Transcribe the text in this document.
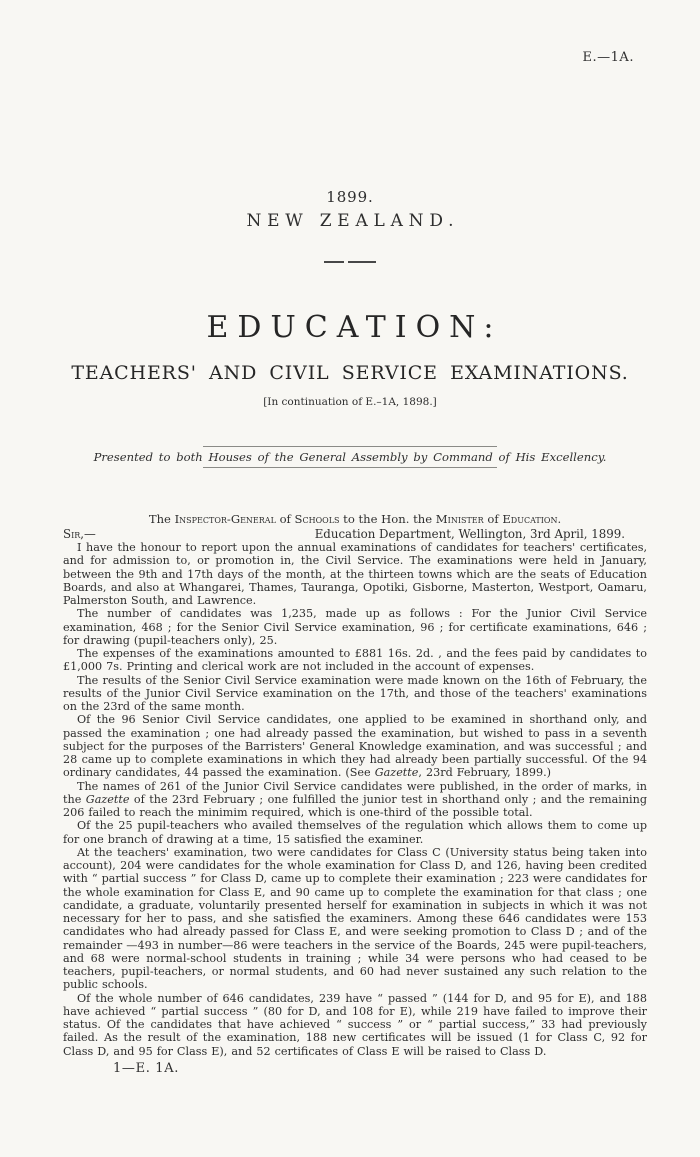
E.—1A.
1899.
NEW ZEALAND.
EDUCATION:
TEACHERS' AND CIVIL SERVICE EXAMINATIONS.
[In continuation of E.–1A, 1898.]
Presented to both Houses of the General Assembly by Command of His Excellency.
The Inspector-General of Schools to the Hon. the Minister of Education.
Sir,—	Education Department, Wellington, 3rd April, 1899.

I have the honour to report upon the annual examinations of candidates for teachers' certificates, and for admission to, or promotion in, the Civil Service. The examinations were held in January, between the 9th and 17th days of the month, at the thirteen towns which are the seats of Education Boards, and also at Whangarei, Thames, Tauranga, Opotiki, Gisborne, Masterton, Westport, Oamaru, Palmerston South, and Lawrence.

The number of candidates was 1,235, made up as follows : For the Junior Civil Service examination, 468 ; for the Senior Civil Service examination, 96 ; for certificate examinations, 646 ; for drawing (pupil-teachers only), 25.

The expenses of the examinations amounted to £881 16s. 2d. , and the fees paid by candidates to £1,000 7s. Printing and clerical work are not included in the account of expenses.

The results of the Senior Civil Service examination were made known on the 16th of February, the results of the Junior Civil Service examination on the 17th, and those of the teachers' examinations on the 23rd of the same month.

Of the 96 Senior Civil Service candidates, one applied to be examined in shorthand only, and passed the examination ; one had already passed the examination, but wished to pass in a seventh subject for the purposes of the Barristers' General Knowledge examination, and was successful ; and 28 came up to complete examinations in which they had already been partially successful. Of the 94 ordinary candidates, 44 passed the examination. (See Gazette, 23rd February, 1899.)

The names of 261 of the Junior Civil Service candidates were published, in the order of marks, in the Gazette of the 23rd February ; one fulfilled the junior test in shorthand only ; and the remaining 206 failed to reach the minimim required, which is one-third of the possible total.

Of the 25 pupil-teachers who availed themselves of the regulation which allows them to come up for one branch of drawing at a time, 15 satisfied the examiner.

At the teachers' examination, two were candidates for Class C (University status being taken into account), 204 were candidates for the whole examination for Class D, and 126, having been credited with “ partial success ” for Class D, came up to complete their examination ; 223 were candidates for the whole examination for Class E, and 90 came up to complete the examination for that class ; one candidate, a graduate, voluntarily presented herself for examination in subjects in which it was not necessary for her to pass, and she satisfied the examiners. Among these 646 candidates were 153 candidates who had already passed for Class E, and were seeking promotion to Class D ; and of the remainder —493 in number—86 were teachers in the service of the Boards, 245 were pupil-teachers, and 68 were normal-school students in training ; while 34 were persons who had ceased to be teachers, pupil-teachers, or normal students, and 60 had never sustained any such relation to the public schools.

Of the whole number of 646 candidates, 239 have “ passed ” (144 for D, and 95 for E), and 188 have achieved “ partial success ” (80 for D, and 108 for E), while 219 have failed to improve their status. Of the candidates that have achieved “ success ” or “ partial success,” 33 had previously failed. As the result of the examination, 188 new certificates will be issued (1 for Class C, 92 for Class D, and 95 for Class E), and 52 certificates of Class E will be raised to Class D.

1—E. 1A.
